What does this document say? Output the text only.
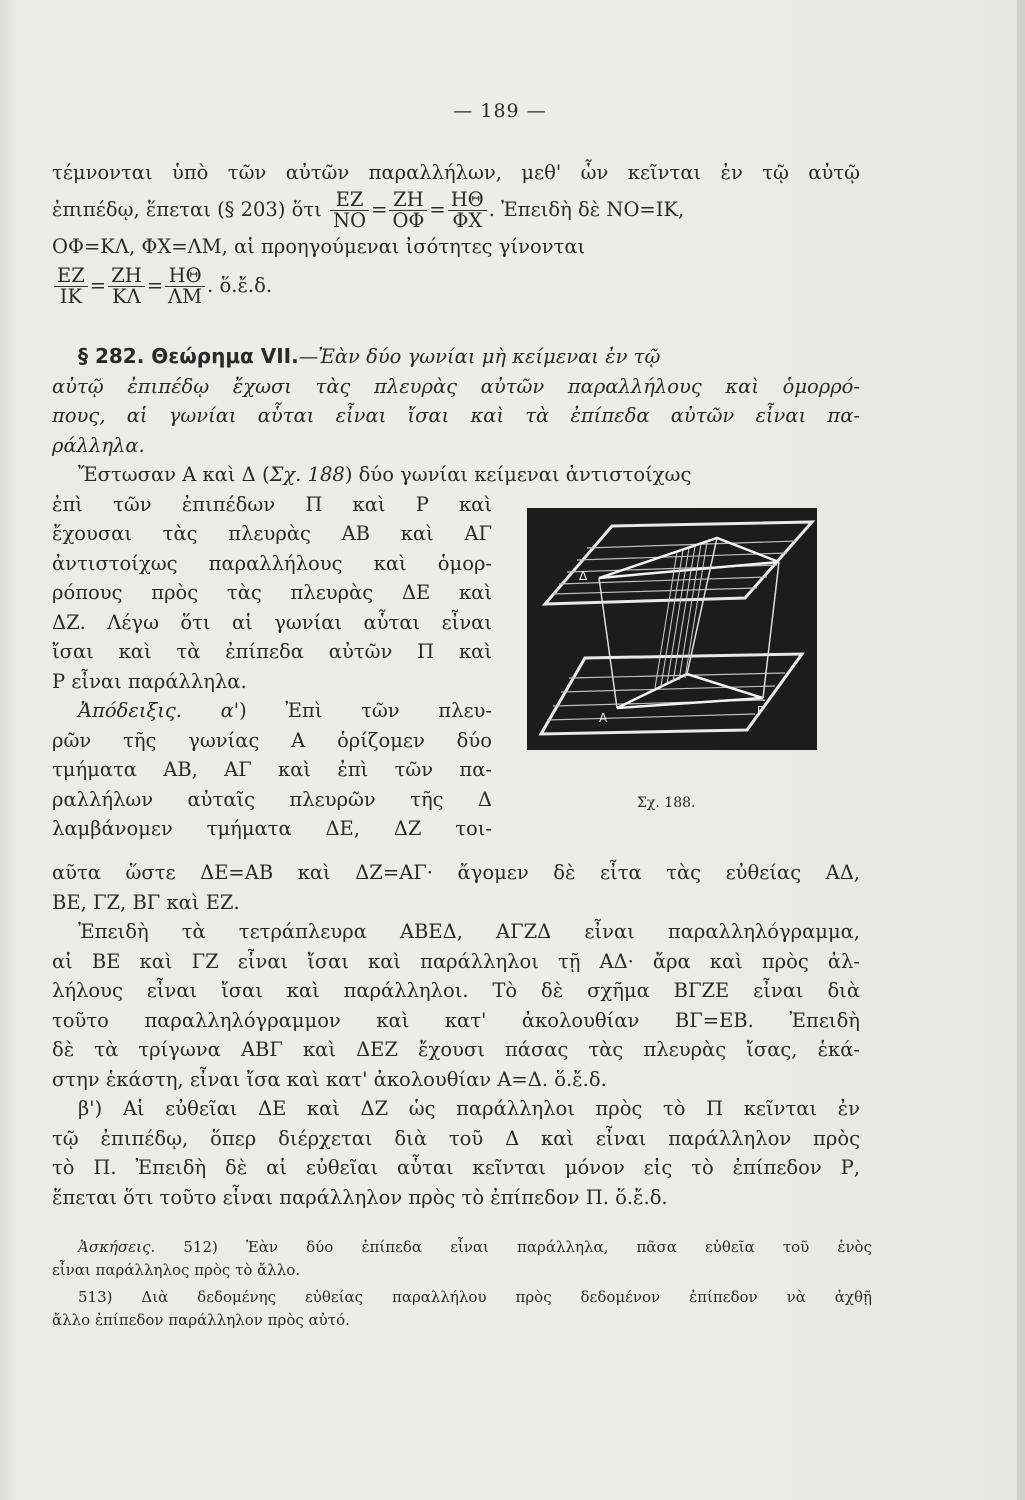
— 189 —
τέμνονται ὑπὸ τῶν αὐτῶν παραλλήλων, μεθ' ὧν κεῖνται ἐν τῷ αὐτῷ
ἐπιπέδῳ, ἕπεται (§ 203) ὅτι $\frac{EZ}{NO} = \frac{ZH}{O\Phi} = \frac{H\Theta}{\Phi X}$ . Ἐπειδὴ δὲ ΝΟ=ΙΚ,
ΟΦ=ΚΛ, ΦΧ=ΛΜ, αἱ προηγούμεναι ἰσότητες γίνονται
$\frac{EZ}{IK} = \frac{ZH}{K\Lambda} = \frac{H\Theta}{\Lambda M}$ . ὅ.ἔ.δ.
§ 282. Θεώρημα VII.—Ἐὰν δύο γωνίαι μὴ κείμεναι ἐν τῷ
αὐτῷ ἐπιπέδῳ ἔχωσι τὰς πλευρὰς αὐτῶν παραλλήλους καὶ ὁμορρό-
πους, αἱ γωνίαι αὗται εἶναι ἴσαι καὶ τὰ ἐπίπεδα αὐτῶν εἶναι πα-
ράλληλα.
Ἔστωσαν Α καὶ Δ (Σχ. 188) δύο γωνίαι κείμεναι ἀντιστοίχως
ἐπὶ τῶν ἐπιπέδων Π καὶ Ρ καὶ
ἔχουσαι τὰς πλευρὰς ΑΒ καὶ ΑΓ
ἀντιστοίχως παραλλήλους καὶ ὁμορ-
ρόπους πρὸς τὰς πλευρὰς ΔΕ καὶ
ΔΖ. Λέγω ὅτι αἱ γωνίαι αὗται εἶναι
ἴσαι καὶ τὰ ἐπίπεδα αὐτῶν Π καὶ
Ρ εἶναι παράλληλα.
Ἀπόδειξις. α') Ἐπὶ τῶν πλευ-
ρῶν τῆς γωνίας Α ὁρίζομεν δύο
τμήματα ΑΒ, ΑΓ καὶ ἐπὶ τῶν πα-
ραλλήλων αὐταῖς πλευρῶν τῆς Δ
λαμβάνομεν τμήματα ΔΕ, ΔΖ τοι-
αῦτα ὥστε ΔΕ=ΑΒ καὶ ΔΖ=ΑΓ· ἄγομεν δὲ εἶτα τὰς εὐθείας ΑΔ,
ΒΕ, ΓΖ, ΒΓ καὶ ΕΖ.
Ἐπειδὴ τὰ τετράπλευρα ΑΒΕΔ, ΑΓΖΔ εἶναι παραλληλόγραμμα,
αἱ ΒΕ καὶ ΓΖ εἶναι ἴσαι καὶ παράλληλοι τῇ ΑΔ· ἄρα καὶ πρὸς ἀλ-
λήλους εἶναι ἴσαι καὶ παράλληλοι. Τὸ δὲ σχῆμα ΒΓΖΕ εἶναι διὰ
τοῦτο παραλληλόγραμμον καὶ κατ' ἀκολουθίαν ΒΓ=ΕΒ. Ἐπειδὴ
δὲ τὰ τρίγωνα ΑΒΓ καὶ ΔΕΖ ἔχουσι πάσας τὰς πλευρὰς ἴσας, ἑκά-
στην ἑκάστη, εἶναι ἴσα καὶ κατ' ἀκολουθίαν Α=Δ. ὅ.ἔ.δ.
β') Αἱ εὐθεῖαι ΔΕ καὶ ΔΖ ὡς παράλληλοι πρὸς τὸ Π κεῖνται ἐν
τῷ ἐπιπέδῳ, ὅπερ διέρχεται διὰ τοῦ Δ καὶ εἶναι παράλληλον πρὸς
τὸ Π. Ἐπειδὴ δὲ αἱ εὐθεῖαι αὗται κεῖνται μόνον εἰς τὸ ἐπίπεδον Ρ,
ἕπεται ὅτι τοῦτο εἶναι παράλληλον πρὸς τὸ ἐπίπεδον Π. ὅ.ἔ.δ.
Ἀσκήσεις. 512) Ἐὰν δύο ἐπίπεδα εἶναι παράλληλα, πᾶσα εὐθεῖα τοῦ ἑνὸς
εἶναι παράλληλος πρὸς τὸ ἄλλο.
513) Διὰ δεδομένης εὐθείας παραλλήλου πρὸς δεδομένον ἐπίπεδον νὰ ἀχθῇ
ἄλλο ἐπίπεδον παράλληλον πρὸς αὐτό.
Δ
Α
Γ
Σχ. 188.
